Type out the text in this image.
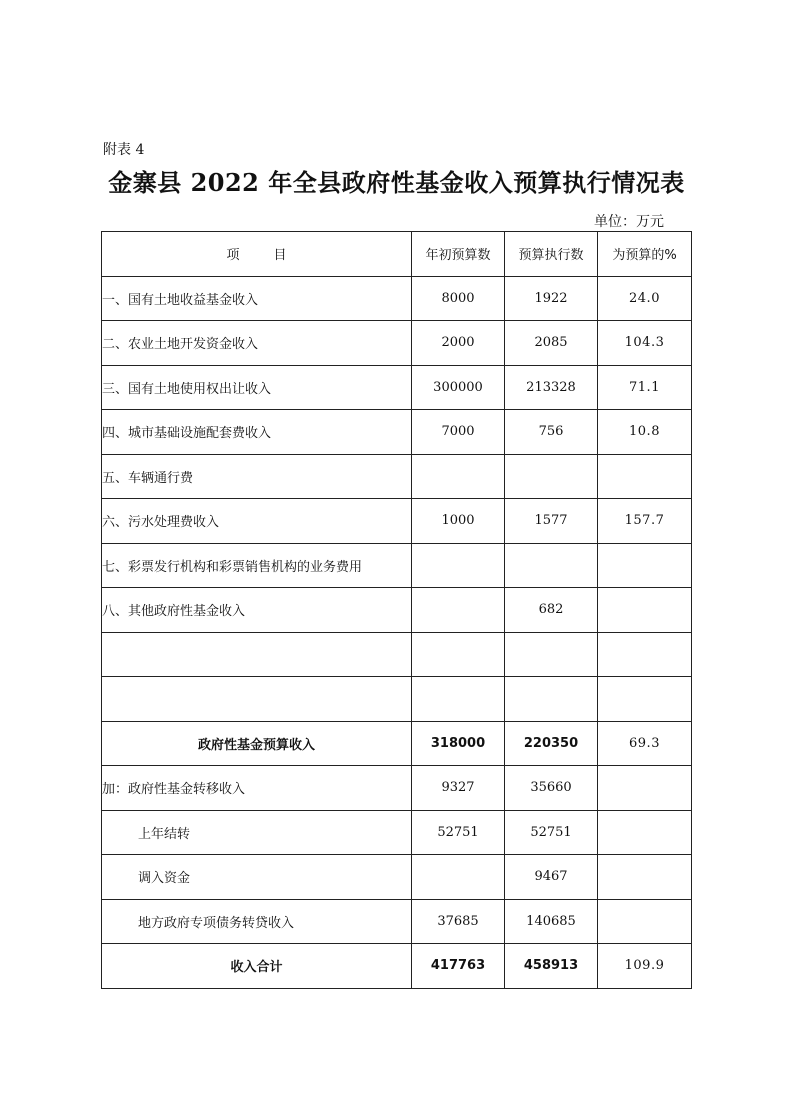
附表 4
金寨县 2022 年全县政府性基金收入预算执行情况表
单位：万元
项目	年初预算数	预算执行数	为预算的%
一、国有土地收益基金收入	8000	1922	24.0
二、农业土地开发资金收入	2000	2085	104.3
三、国有土地使用权出让收入	300000	213328	71.1
四、城市基础设施配套费收入	7000	756	10.8
五、车辆通行费			
六、污水处理费收入	1000	1577	157.7
七、彩票发行机构和彩票销售机构的业务费用			
八、其他政府性基金收入		682	

政府性基金预算收入	318000	220350	69.3
加：政府性基金转移收入	9327	35660	
上年结转	52751	52751	
调入资金		9467	
地方政府专项债务转贷收入	37685	140685	
收入合计	417763	458913	109.9
